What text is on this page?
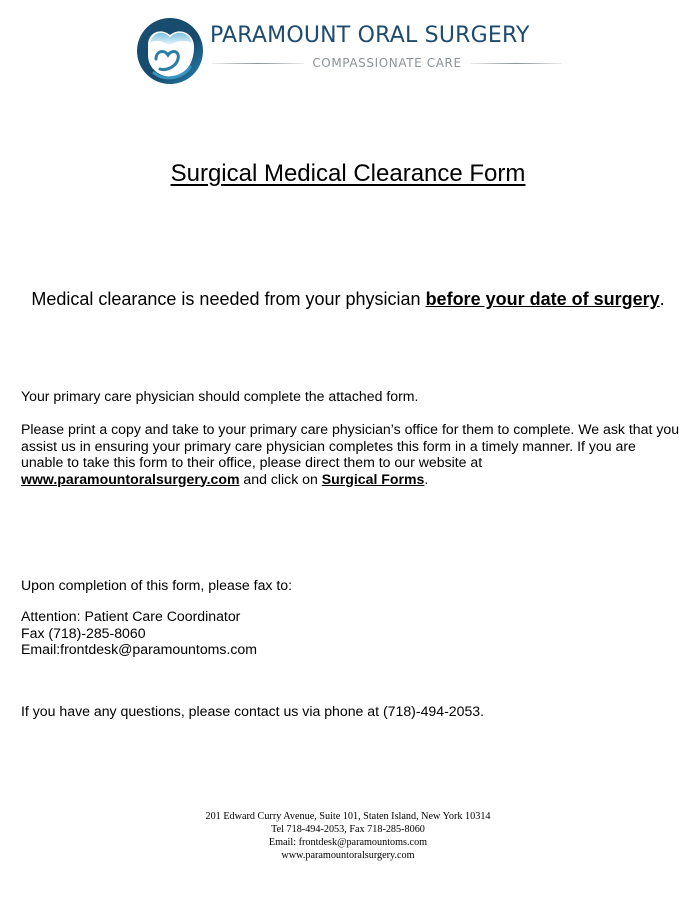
PARAMOUNT ORAL SURGERY
COMPASSIONATE CARE
Surgical Medical Clearance Form
Medical clearance is needed from your physician before your date of surgery.
Your primary care physician should complete the attached form.
Please print a copy and take to your primary care physician’s office for them to complete. We ask that you assist us in ensuring your primary care physician completes this form in a timely manner. If you are unable to take this form to their office, please direct them to our website at www.paramountoralsurgery.com and click on Surgical Forms.
Upon completion of this form, please fax to:
Attention: Patient Care Coordinator
Fax (718)-285-8060
Email:frontdesk@paramountoms.com
If you have any questions, please contact us via phone at (718)-494-2053.
201 Edward Curry Avenue, Suite 101, Staten Island, New York 10314
Tel 718-494-2053, Fax 718-285-8060
Email: frontdesk@paramountoms.com
www.paramountoralsurgery.com
